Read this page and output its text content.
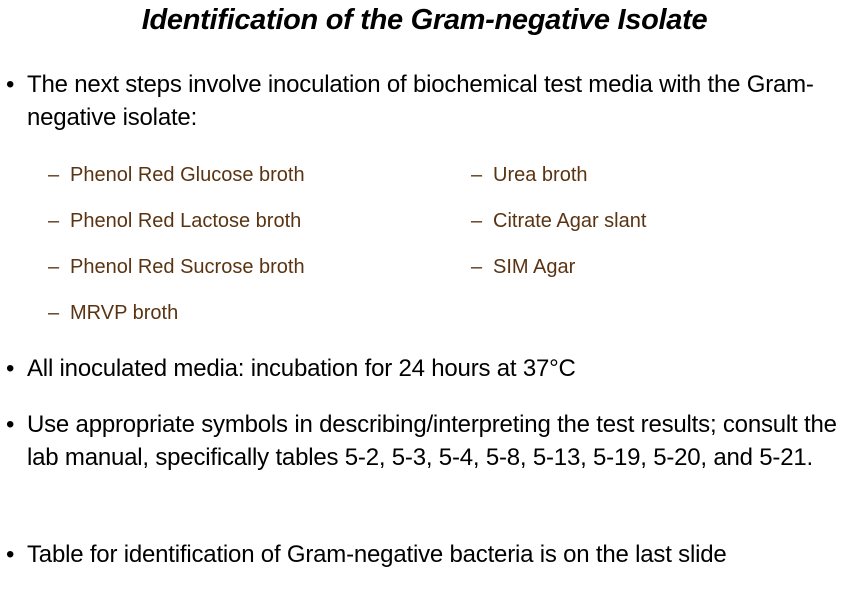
Identification of the Gram-negative Isolate
• The next steps involve inoculation of biochemical test media with the Gram-negative isolate:
– Phenol Red Glucose broth
– Phenol Red Lactose broth
– Phenol Red Sucrose broth
– MRVP broth
– Urea broth
– Citrate Agar slant
– SIM Agar
• All inoculated media: incubation for 24 hours at 37°C
• Use appropriate symbols in describing/interpreting the test results; consult the lab manual, specifically tables 5-2, 5-3, 5-4, 5-8, 5-13, 5-19, 5-20, and 5-21.
• Table for identification of Gram-negative bacteria is on the last slide
